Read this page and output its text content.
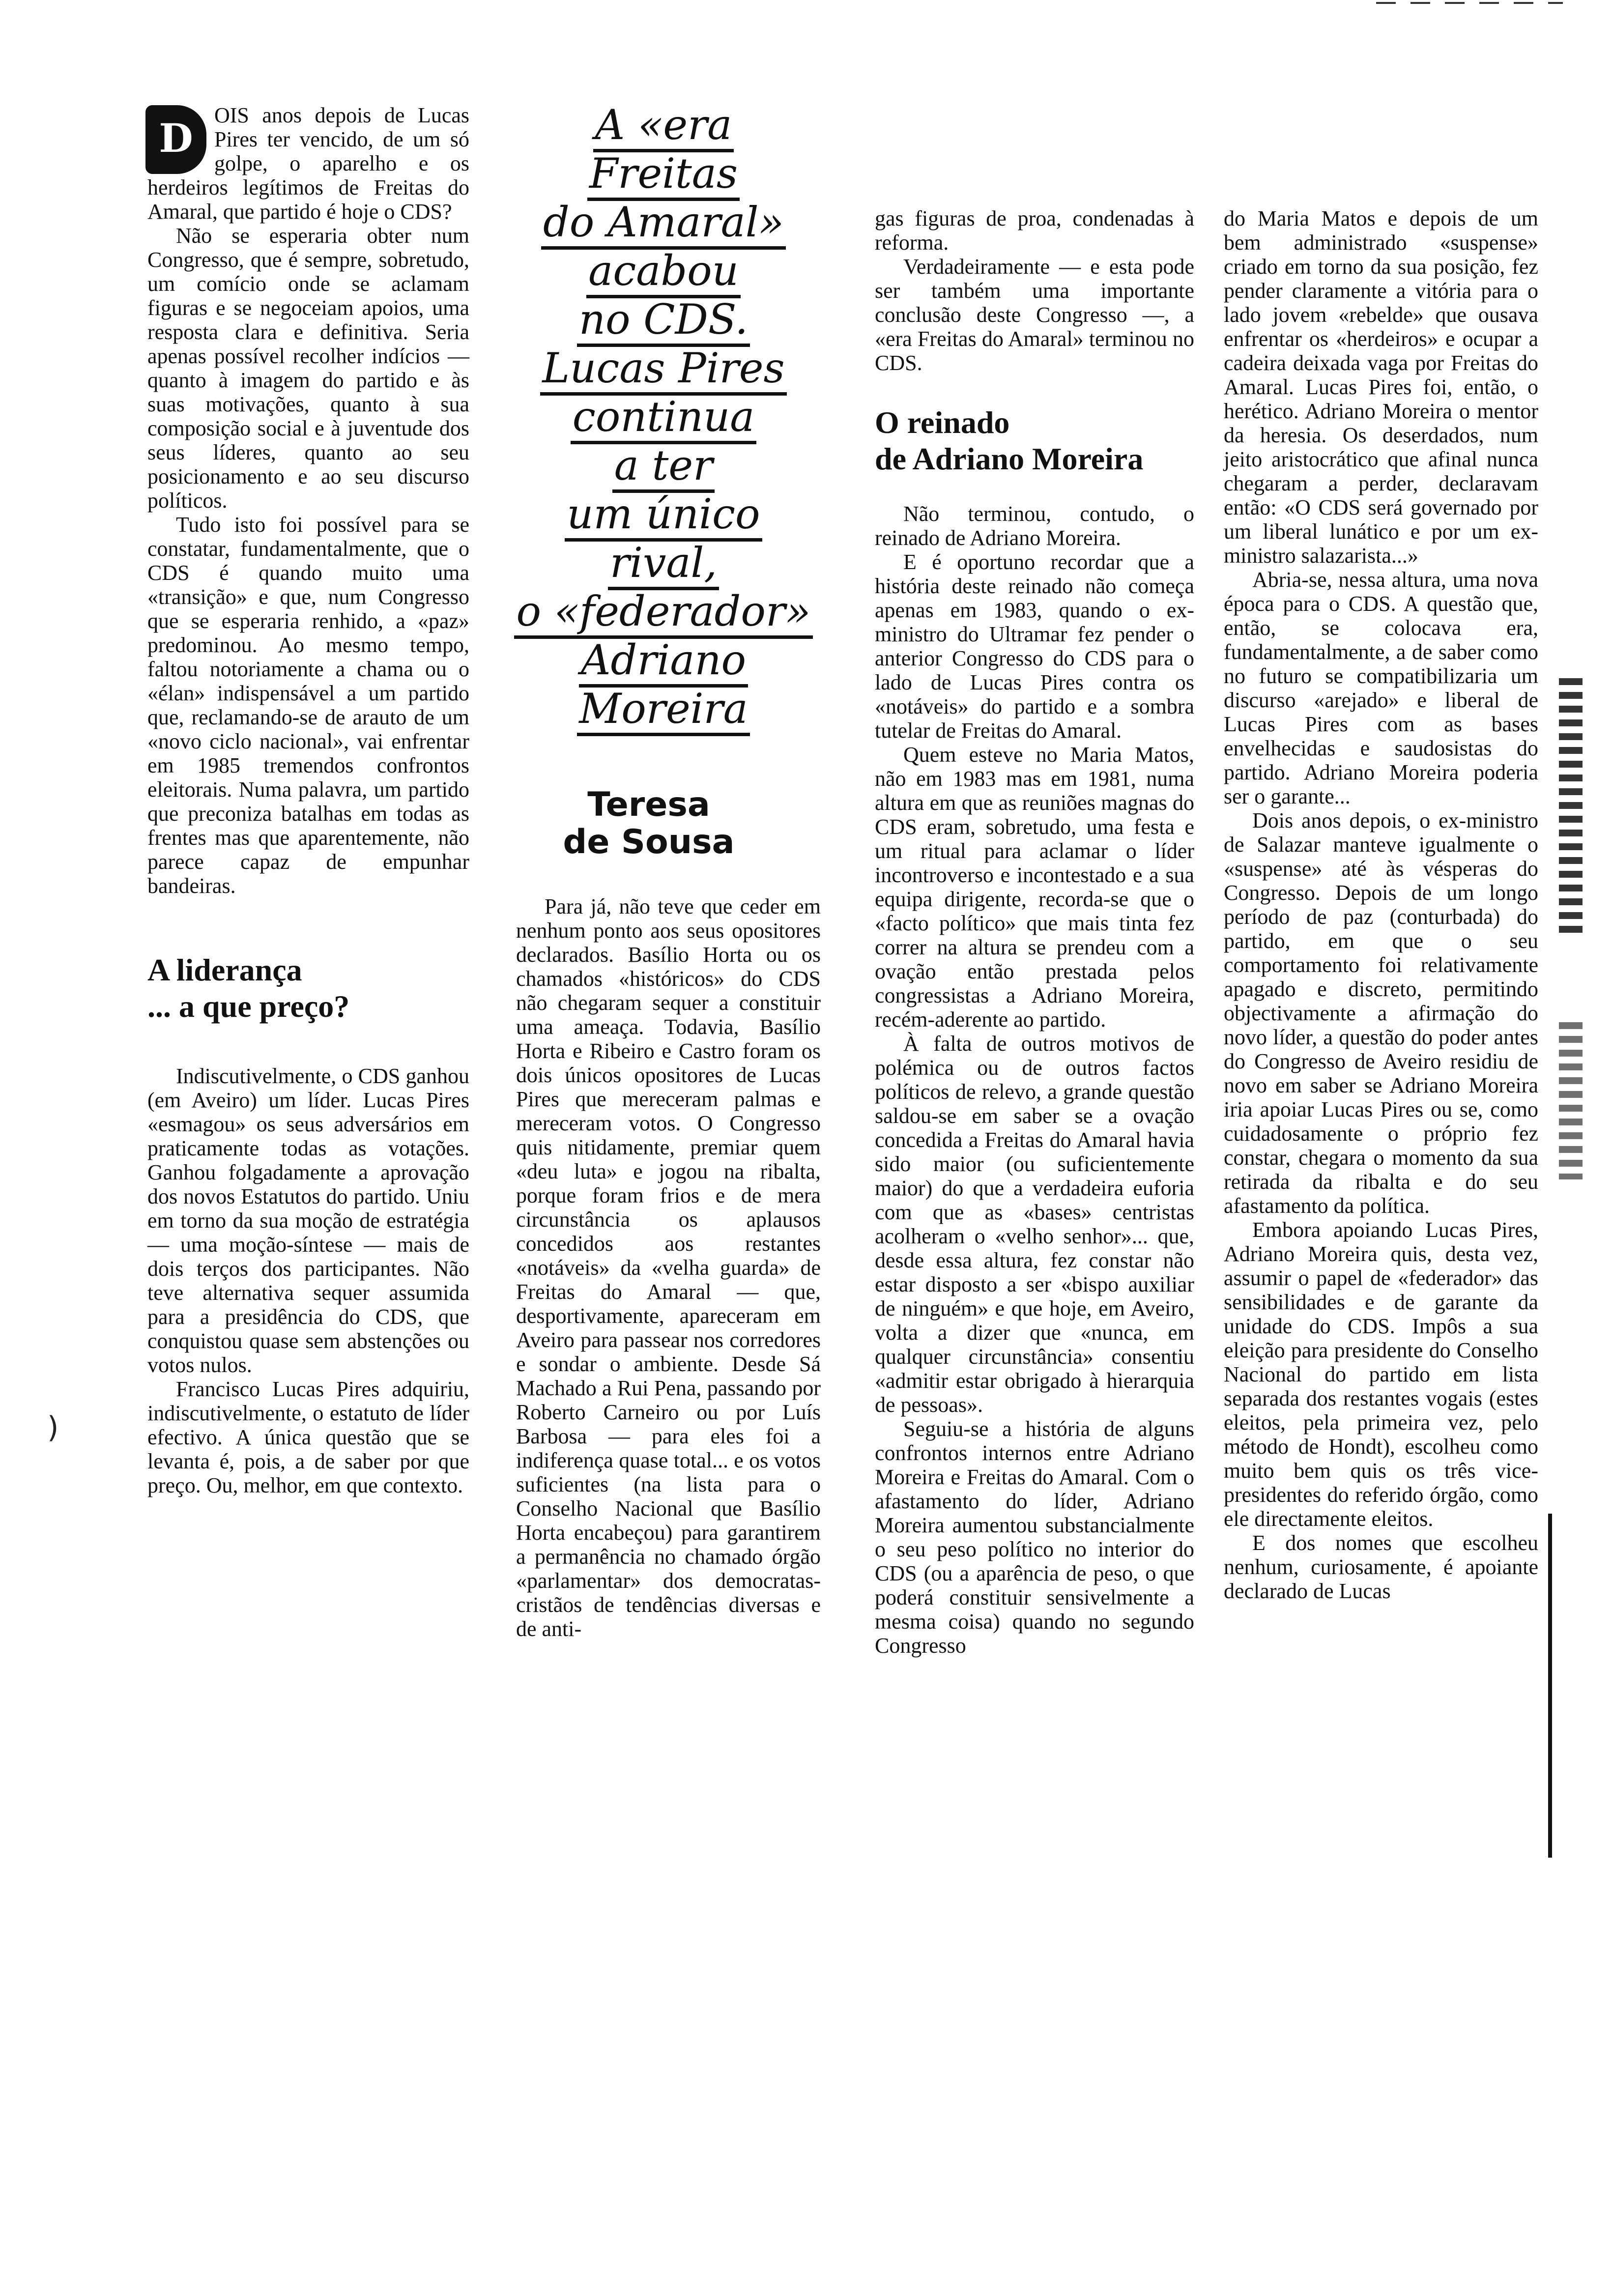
)

D OIS anos depois de Lucas Pires ter vencido, de um só golpe, o aparelho e os herdeiros legítimos de Freitas do Amaral, que partido é hoje o CDS?

Não se esperaria obter num Congresso, que é sempre, sobretudo, um comício onde se aclamam figuras e se negoceiam apoios, uma resposta clara e definitiva. Seria apenas possível recolher indícios — quanto à imagem do partido e às suas motivações, quanto à sua composição social e à juventude dos seus líderes, quanto ao seu posicionamento e ao seu discurso políticos.

Tudo isto foi possível para se constatar, fundamentalmente, que o CDS é quando muito uma «transição» e que, num Congresso que se esperaria renhido, a «paz» predominou. Ao mesmo tempo, faltou notoriamente a chama ou o «élan» indispensável a um partido que, reclamando-se de arauto de um «novo ciclo nacional», vai enfrentar em 1985 tremendos confrontos eleitorais. Numa palavra, um partido que preconiza batalhas em todas as frentes mas que aparentemente, não parece capaz de empunhar bandeiras.

A liderança
... a que preço?

Indiscutivelmente, o CDS ganhou (em Aveiro) um líder. Lucas Pires «esmagou» os seus adversários em praticamente todas as votações. Ganhou folgadamente a aprovação dos novos Estatutos do partido. Uniu em torno da sua moção de estratégia — uma moção-síntese — mais de dois terços dos participantes. Não teve alternativa sequer assumida para a presidência do CDS, que conquistou quase sem abstenções ou votos nulos.

Francisco Lucas Pires adquiriu, indiscutivelmente, o estatuto de líder efectivo. A única questão que se levanta é, pois, a de saber por que preço. Ou, melhor, em que contexto.

A «era
Freitas
do Amaral»
acabou
no CDS.
Lucas Pires
continua
a ter
um único
rival,
o «federador»
Adriano
Moreira
Teresa
de Sousa

Para já, não teve que ceder em nenhum ponto aos seus opositores declarados. Basílio Horta ou os chamados «históricos» do CDS não chegaram sequer a constituir uma ameaça. Todavia, Basílio Horta e Ribeiro e Castro foram os dois únicos opositores de Lucas Pires que mereceram palmas e mereceram votos. O Congresso quis nitidamente, premiar quem «deu luta» e jogou na ribalta, porque foram frios e de mera circunstância os aplausos concedidos aos restantes «notáveis» da «velha guarda» de Freitas do Amaral — que, desportivamente, apareceram em Aveiro para passear nos corredores e sondar o ambiente. Desde Sá Machado a Rui Pena, passando por Roberto Carneiro ou por Luís Barbosa — para eles foi a indiferença quase total... e os votos suficientes (na lista para o Conselho Nacional que Basílio Horta encabeçou) para garantirem a permanência no chamado órgão «parlamentar» dos democratas-cristãos de tendências diversas e de anti-

gas figuras de proa, condenadas à reforma.

Verdadeiramente — e esta pode ser também uma importante conclusão deste Congresso —, a «era Freitas do Amaral» terminou no CDS.

O reinado
de Adriano Moreira

Não terminou, contudo, o reinado de Adriano Moreira.

E é oportuno recordar que a história deste reinado não começa apenas em 1983, quando o ex-ministro do Ultramar fez pender o anterior Congresso do CDS para o lado de Lucas Pires contra os «notáveis» do partido e a sombra tutelar de Freitas do Amaral.

Quem esteve no Maria Matos, não em 1983 mas em 1981, numa altura em que as reuniões magnas do CDS eram, sobretudo, uma festa e um ritual para aclamar o líder incontroverso e incontestado e a sua equipa dirigente, recorda-se que o «facto político» que mais tinta fez correr na altura se prendeu com a ovação então prestada pelos congressistas a Adriano Moreira, recém-aderente ao partido.

À falta de outros motivos de polémica ou de outros factos políticos de relevo, a grande questão saldou-se em saber se a ovação concedida a Freitas do Amaral havia sido maior (ou suficientemente maior) do que a verdadeira euforia com que as «bases» centristas acolheram o «velho senhor»... que, desde essa altura, fez constar não estar disposto a ser «bispo auxiliar de ninguém» e que hoje, em Aveiro, volta a dizer que «nunca, em qualquer circunstância» consentiu «admitir estar obrigado à hierarquia de pessoas».

Seguiu-se a história de alguns confrontos internos entre Adriano Moreira e Freitas do Amaral. Com o afastamento do líder, Adriano Moreira aumentou substancialmente o seu peso político no interior do CDS (ou a aparência de peso, o que poderá constituir sensivelmente a mesma coisa) quando no segundo Congresso

do Maria Matos e depois de um bem administrado «suspense» criado em torno da sua posição, fez pender claramente a vitória para o lado jovem «rebelde» que ousava enfrentar os «herdeiros» e ocupar a cadeira deixada vaga por Freitas do Amaral. Lucas Pires foi, então, o herético. Adriano Moreira o mentor da heresia. Os deserdados, num jeito aristocrático que afinal nunca chegaram a perder, declaravam então: «O CDS será governado por um liberal lunático e por um ex-ministro salazarista...»

Abria-se, nessa altura, uma nova época para o CDS. A questão que, então, se colocava era, fundamentalmente, a de saber como no futuro se compatibilizaria um discurso «arejado» e liberal de Lucas Pires com as bases envelhecidas e saudosistas do partido. Adriano Moreira poderia ser o garante...

Dois anos depois, o ex-ministro de Salazar manteve igualmente o «suspense» até às vésperas do Congresso. Depois de um longo período de paz (conturbada) do partido, em que o seu comportamento foi relativamente apagado e discreto, permitindo objectivamente a afirmação do novo líder, a questão do poder antes do Congresso de Aveiro residiu de novo em saber se Adriano Moreira iria apoiar Lucas Pires ou se, como cuidadosamente o próprio fez constar, chegara o momento da sua retirada da ribalta e do seu afastamento da política.

Embora apoiando Lucas Pires, Adriano Moreira quis, desta vez, assumir o papel de «federador» das sensibilidades e de garante da unidade do CDS. Impôs a sua eleição para presidente do Conselho Nacional do partido em lista separada dos restantes vogais (estes eleitos, pela primeira vez, pelo método de Hondt), escolheu como muito bem quis os três vice-presidentes do referido órgão, como ele directamente eleitos.

E dos nomes que escolheu nenhum, curiosamente, é apoiante declarado de Lucas
